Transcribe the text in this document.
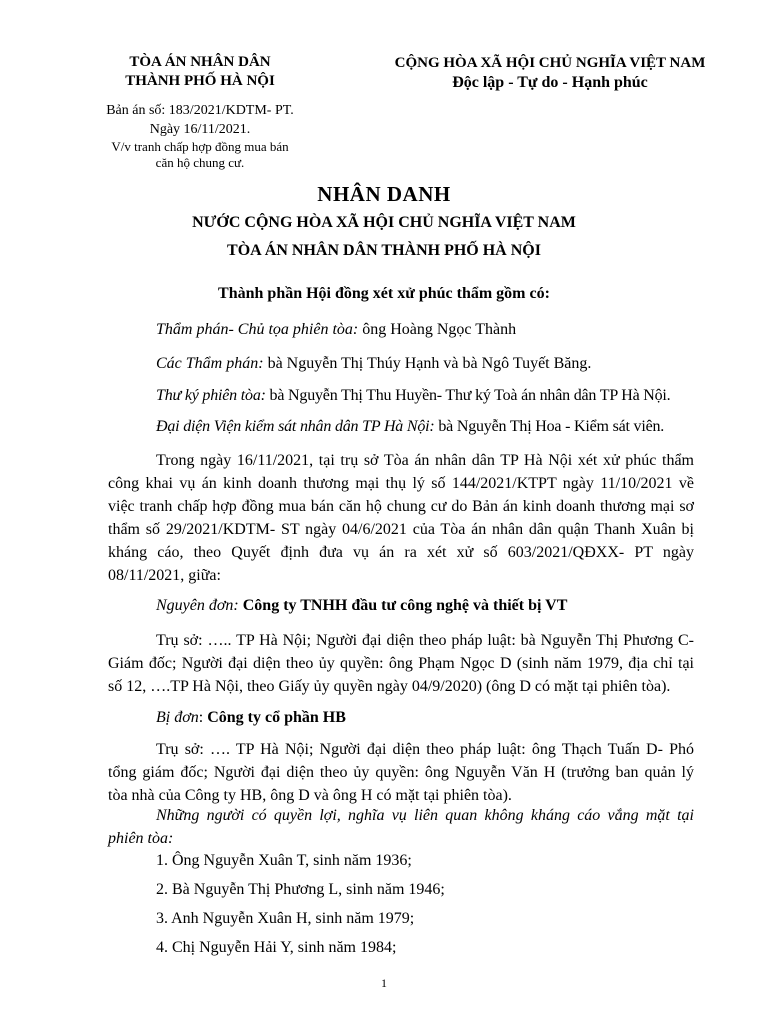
TÒA ÁN NHÂN DÂN
THÀNH PHỐ HÀ NỘI
CỘNG HÒA XÃ HỘI CHỦ NGHĨA VIỆT NAM
Độc lập - Tự do - Hạnh phúc
Bản án số: 183/2021/KDTM- PT.
Ngày 16/11/2021.
V/v tranh chấp hợp đồng mua bán
căn hộ chung cư.
NHÂN DANH
NƯỚC CỘNG HÒA XÃ HỘI CHỦ NGHĨA VIỆT NAM
TÒA ÁN NHÂN DÂN THÀNH PHỐ HÀ NỘI
Thành phần Hội đồng xét xử phúc thẩm gồm có:
Thẩm phán- Chủ tọa phiên tòa: ông Hoàng Ngọc Thành
Các Thẩm phán: bà Nguyễn Thị Thúy Hạnh và bà Ngô Tuyết Băng.
Thư ký phiên tòa: bà Nguyễn Thị Thu Huyền- Thư ký Toà án nhân dân TP Hà Nội.
Đại diện Viện kiểm sát nhân dân TP Hà Nội: bà Nguyễn Thị Hoa - Kiểm sát viên.
Trong ngày 16/11/2021, tại trụ sở Tòa án nhân dân TP Hà Nội xét xử phúc thẩm
công khai vụ án kinh doanh thương mại thụ lý số 144/2021/KTPT ngày 11/10/2021 về
việc tranh chấp hợp đồng mua bán căn hộ chung cư do Bản án kinh doanh thương mại sơ
thẩm số 29/2021/KDTM- ST ngày 04/6/2021 của Tòa án nhân dân quận Thanh Xuân bị
kháng cáo, theo Quyết định đưa vụ án ra xét xử số 603/2021/QĐXX- PT ngày
08/11/2021, giữa:
Nguyên đơn: Công ty TNHH đầu tư công nghệ và thiết bị VT
Trụ sở: ….. TP Hà Nội; Người đại diện theo pháp luật: bà Nguyễn Thị Phương C-
Giám đốc; Người đại diện theo ủy quyền: ông Phạm Ngọc D (sinh năm 1979, địa chỉ tại
số 12, ….TP Hà Nội, theo Giấy ủy quyền ngày 04/9/2020) (ông D có mặt tại phiên tòa).
Bị đơn: Công ty cổ phần HB
Trụ sở: …. TP Hà Nội; Người đại diện theo pháp luật: ông Thạch Tuấn D- Phó
tổng giám đốc; Người đại diện theo ủy quyền: ông Nguyễn Văn H (trưởng ban quản lý
tòa nhà của Công ty HB, ông D và ông H có mặt tại phiên tòa).
Những người có quyền lợi, nghĩa vụ liên quan không kháng cáo vắng mặt tại
phiên tòa:
1. Ông Nguyễn Xuân T, sinh năm 1936;
2. Bà Nguyễn Thị Phương L, sinh năm 1946;
3. Anh Nguyễn Xuân H, sinh năm 1979;
4. Chị Nguyễn Hải Y, sinh năm 1984;
1
